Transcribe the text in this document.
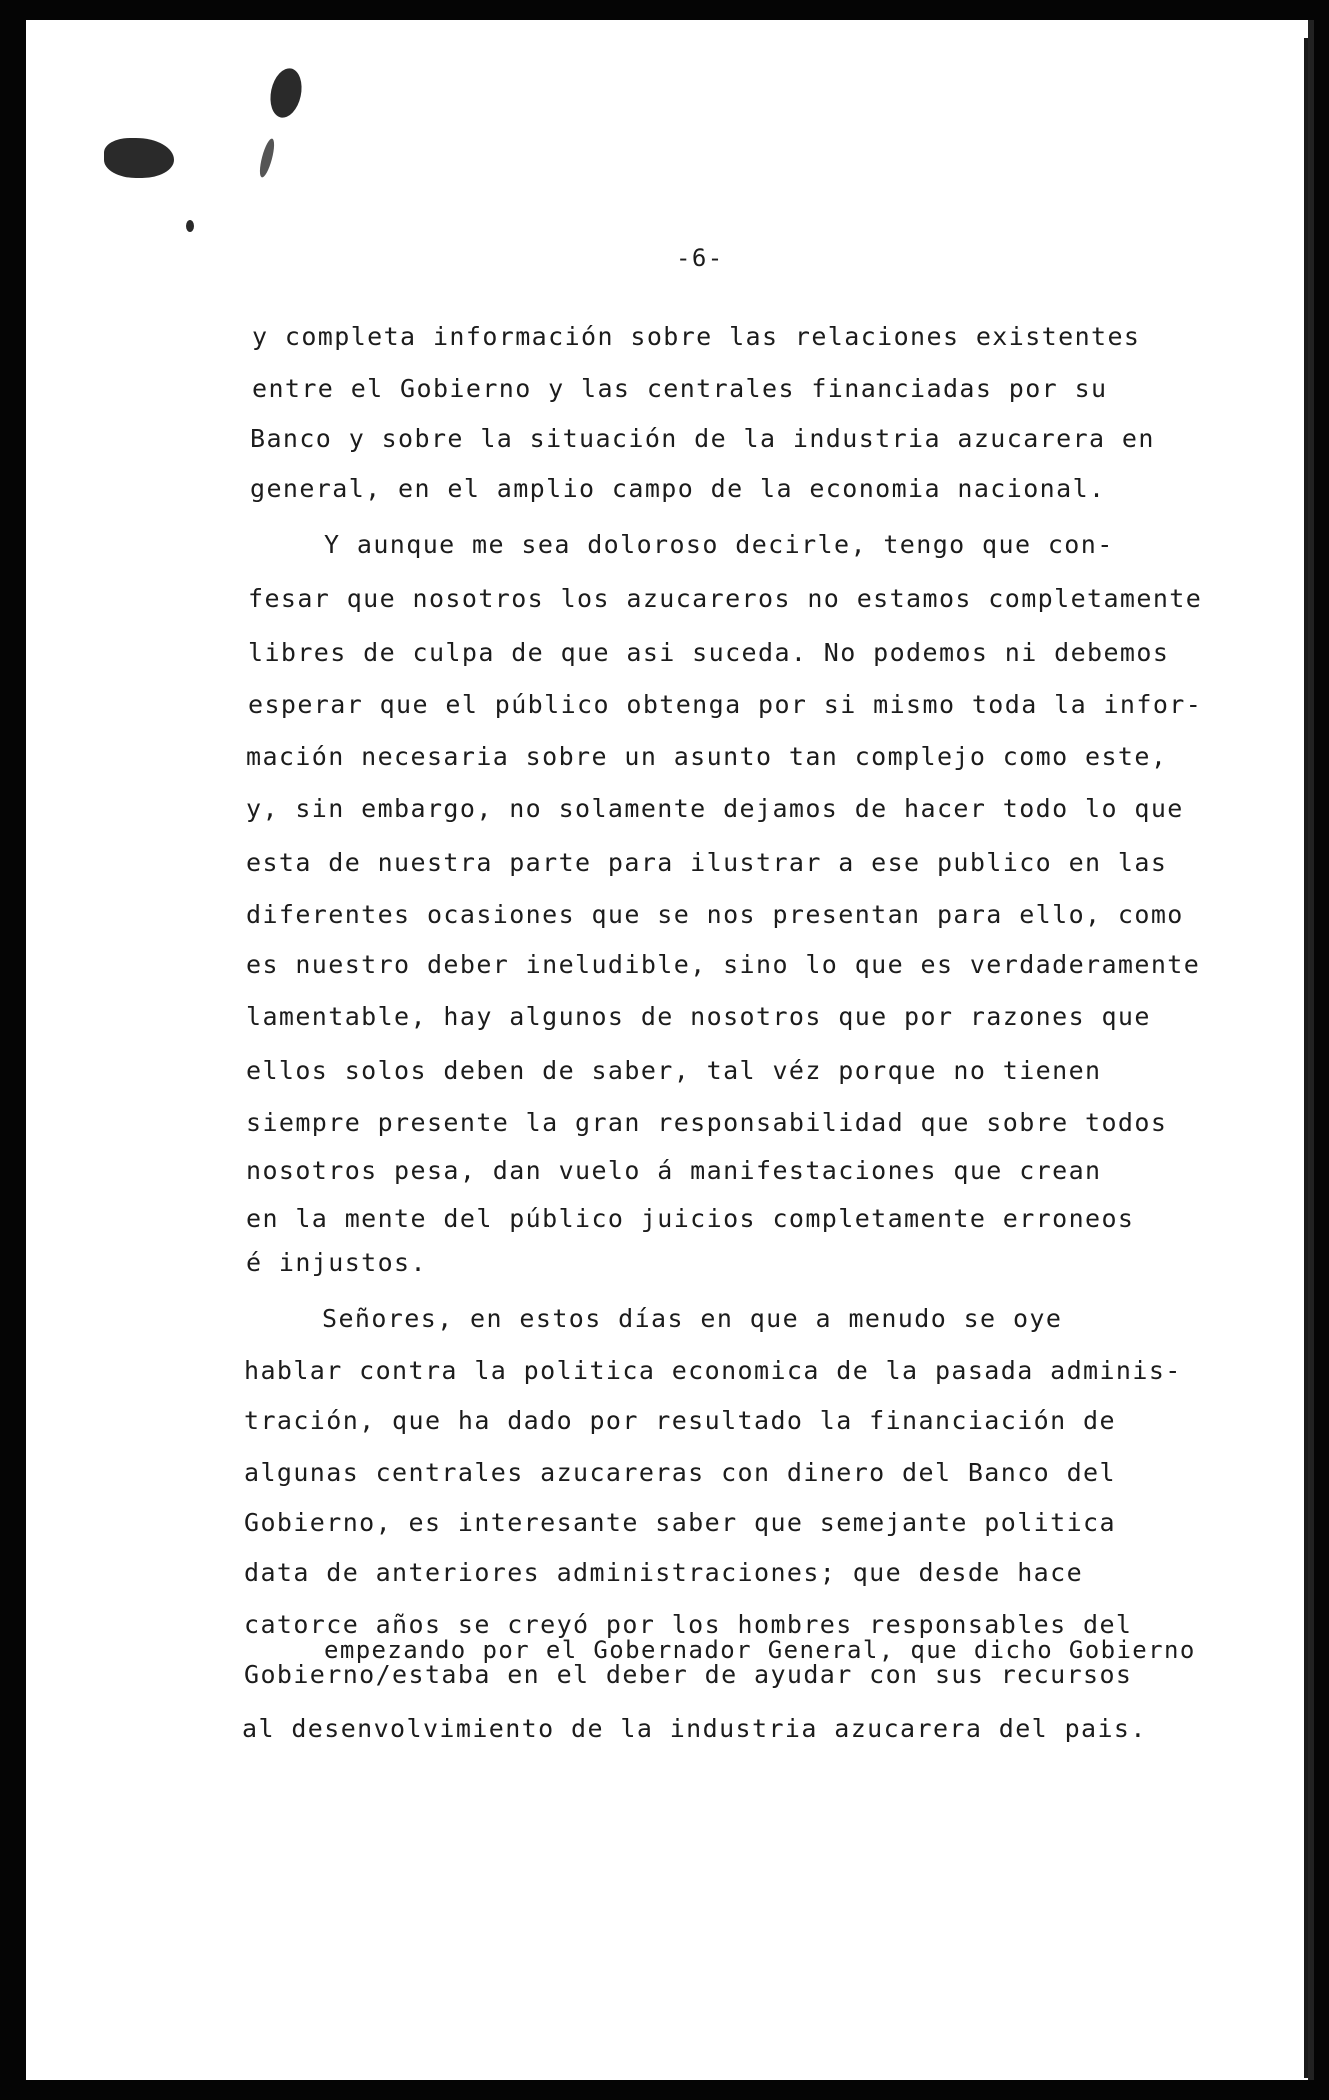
-6-
y completa información sobre las relaciones existentes
entre el Gobierno y las centrales financiadas por su
Banco y sobre la situación de la industria azucarera en
general, en el amplio campo de la economia nacional.
Y aunque me sea doloroso decirle, tengo que con-
fesar que nosotros los azucareros no estamos completamente
libres de culpa de que asi suceda. No podemos ni debemos
esperar que el público obtenga por si mismo toda la infor-
mación necesaria sobre un asunto tan complejo como este,
y, sin embargo, no solamente dejamos de hacer todo lo que
esta de nuestra parte para ilustrar a ese publico en las
diferentes ocasiones que se nos presentan para ello, como
es nuestro deber ineludible, sino lo que es verdaderamente
lamentable, hay algunos de nosotros que por razones que
ellos solos deben de saber, tal véz porque no tienen
siempre presente la gran responsabilidad que sobre todos
nosotros pesa, dan vuelo á manifestaciones que crean
en la mente del público juicios completamente erroneos
é injustos.
Señores, en estos días en que a menudo se oye
hablar contra la politica economica de la pasada adminis-
tración, que ha dado por resultado la financiación de
algunas centrales azucareras con dinero del Banco del
Gobierno, es interesante saber que semejante politica
data de anteriores administraciones; que desde hace
catorce años se creyó por los hombres responsables del
empezando por el Gobernador General, que dicho Gobierno
Gobierno/estaba en el deber de ayudar con sus recursos
al desenvolvimiento de la industria azucarera del pais.
